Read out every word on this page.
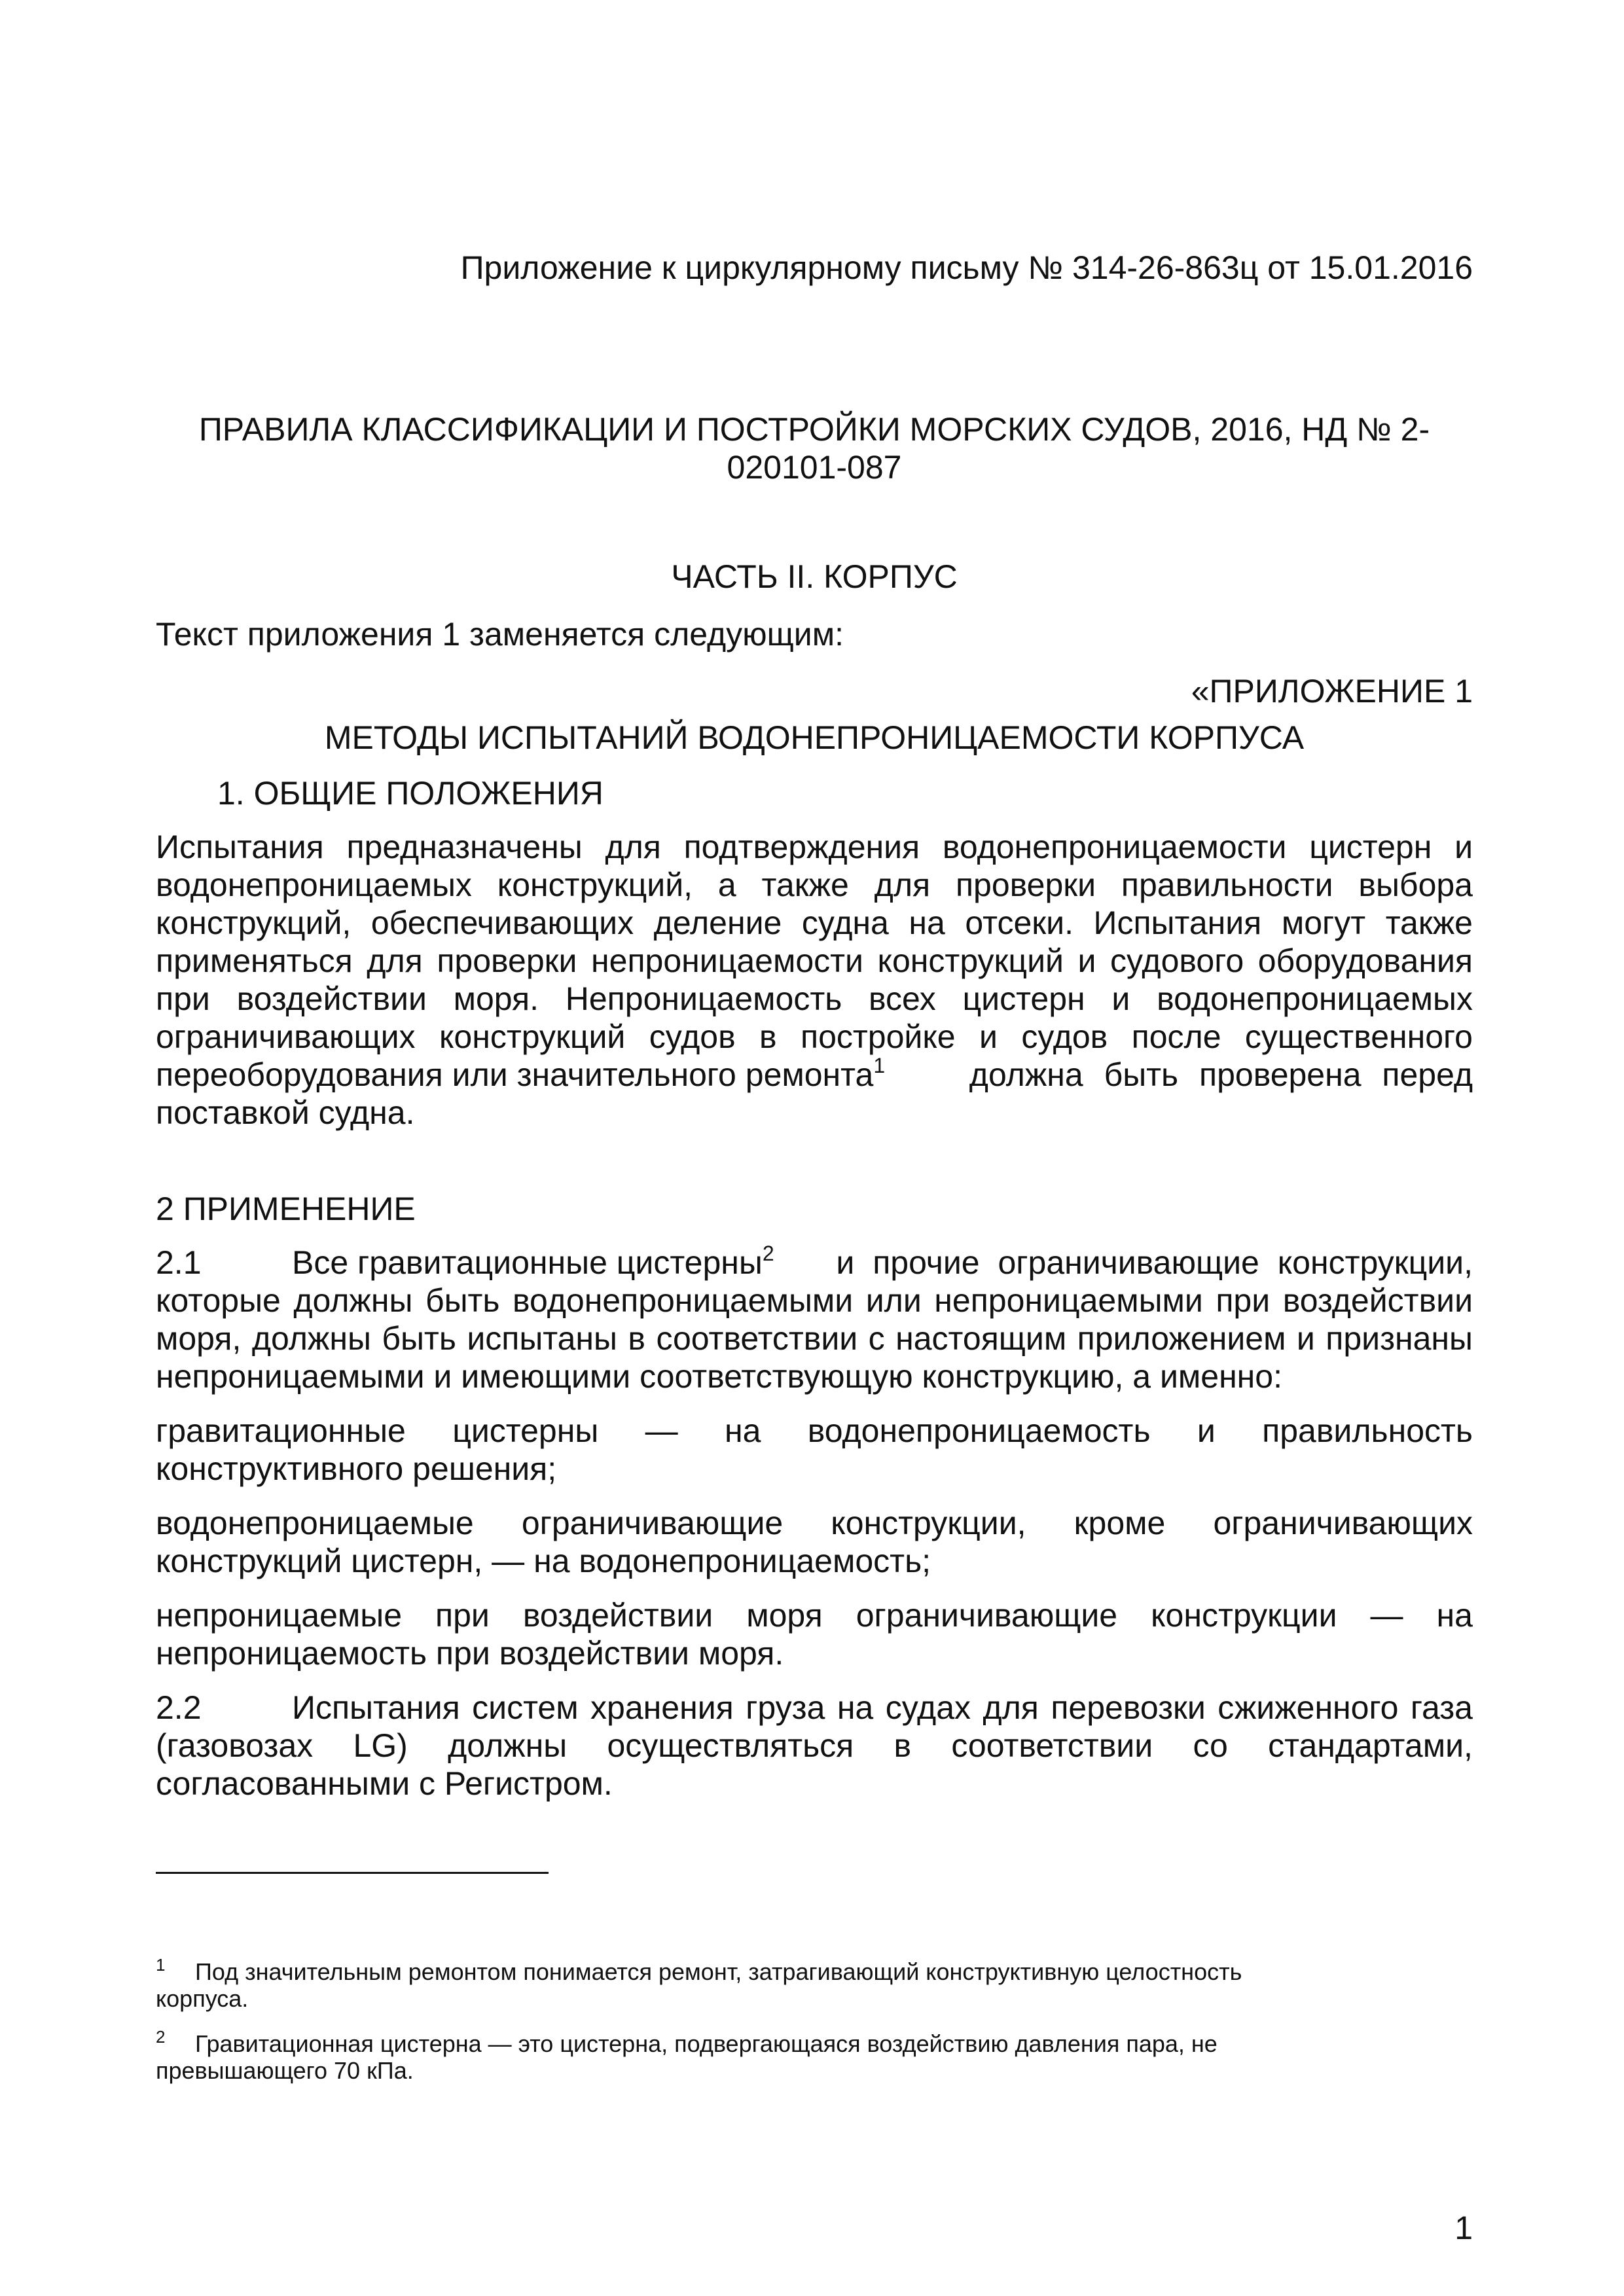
Приложение к циркулярному письму № 314-26-863ц от 15.01.2016
ПРАВИЛА КЛАССИФИКАЦИИ И ПОСТРОЙКИ МОРСКИХ СУДОВ, 2016, НД № 2-
020101-087
ЧАСТЬ II. КОРПУС
Текст приложения 1 заменяется следующим:
«ПРИЛОЖЕНИЕ 1
МЕТОДЫ ИСПЫТАНИЙ ВОДОНЕПРОНИЦАЕМОСТИ КОРПУСА
1. ОБЩИЕ ПОЛОЖЕНИЯ
Испытания предназначены для подтверждения водонепроницаемости цистерн и
водонепроницаемых конструкций, а также для проверки правильности выбора
конструкций, обеспечивающих деление судна на отсеки. Испытания могут также
применяться для проверки непроницаемости конструкций и судового оборудования
при воздействии моря. Непроницаемость всех цистерн и водонепроницаемых
ограничивающих конструкций судов в постройке и судов после существенного
переоборудования или значительного ремонта$^1$	должна быть проверена перед
поставкой судна.
2 ПРИМЕНЕНИЕ
2.1	Все гравитационные цистерны$^2$ и прочие ограничивающие конструкции,
которые должны быть водонепроницаемыми или непроницаемыми при воздействии
моря, должны быть испытаны в соответствии с настоящим приложением и признаны
непроницаемыми и имеющими соответствующую конструкцию, а именно:
гравитационные цистерны — на водонепроницаемость и правильность
конструктивного решения;
водонепроницаемые ограничивающие конструкции, кроме ограничивающих
конструкций цистерн, — на водонепроницаемость;
непроницаемые при воздействии моря ограничивающие конструкции — на
непроницаемость при воздействии моря.
2.2	Испытания систем хранения груза на судах для перевозки сжиженного газа
(газовозах LG) должны осуществляться в соответствии со стандартами,
согласованными с Регистром.
1 Под значительным ремонтом понимается ремонт, затрагивающий конструктивную целостность
корпуса.
2 Гравитационная цистерна — это цистерна, подвергающаяся воздействию давления пара, не
превышающего 70 кПа.
1
